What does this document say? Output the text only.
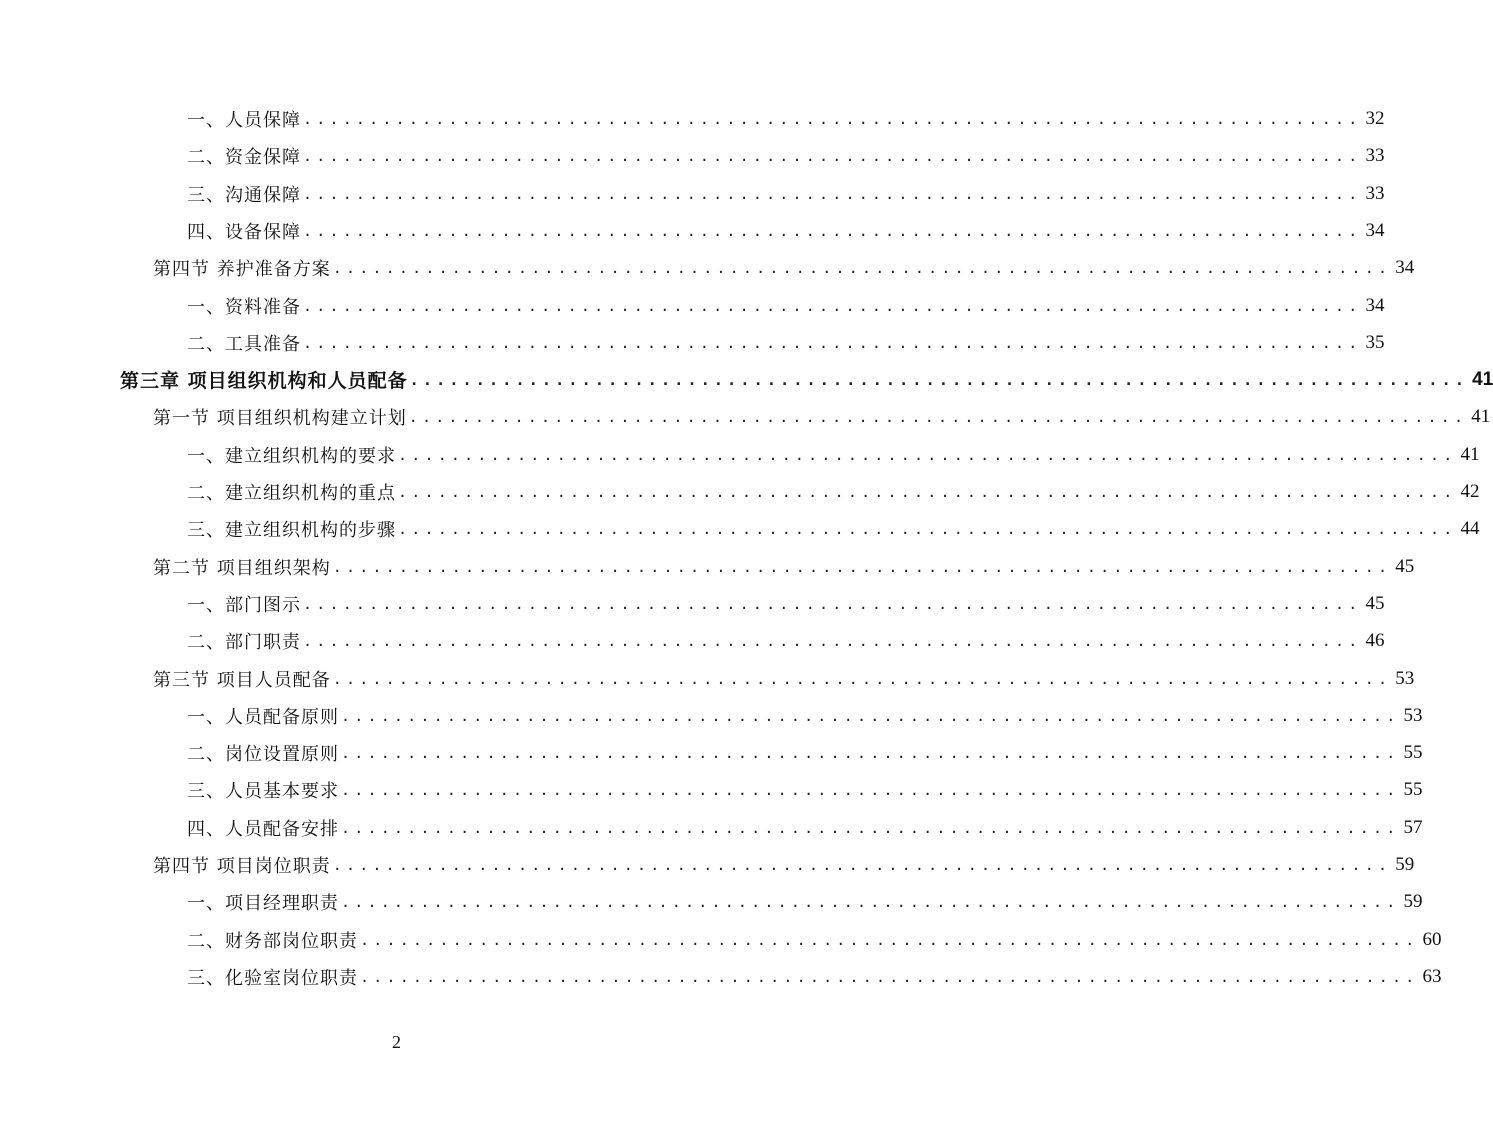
一、人员保障 ................................................................................ 32
二、资金保障 ................................................................................ 33
三、沟通保障 ................................................................................ 33
四、设备保障 ................................................................................ 34
第四节 养护准备方案 ................................................................................ 34
一、资料准备 ................................................................................ 34
二、工具准备 ................................................................................ 35
第三章 项目组织机构和人员配备 ................................................................................ 41
第一节 项目组织机构建立计划 ................................................................................ 41
一、建立组织机构的要求 ................................................................................ 41
二、建立组织机构的重点 ................................................................................ 42
三、建立组织机构的步骤 ................................................................................ 44
第二节 项目组织架构 ................................................................................ 45
一、部门图示 ................................................................................ 45
二、部门职责 ................................................................................ 46
第三节 项目人员配备 ................................................................................ 53
一、人员配备原则 ................................................................................ 53
二、岗位设置原则 ................................................................................ 55
三、人员基本要求 ................................................................................ 55
四、人员配备安排 ................................................................................ 57
第四节 项目岗位职责 ................................................................................ 59
一、项目经理职责 ................................................................................ 59
二、财务部岗位职责 ................................................................................ 60
三、化验室岗位职责 ................................................................................ 63
2
